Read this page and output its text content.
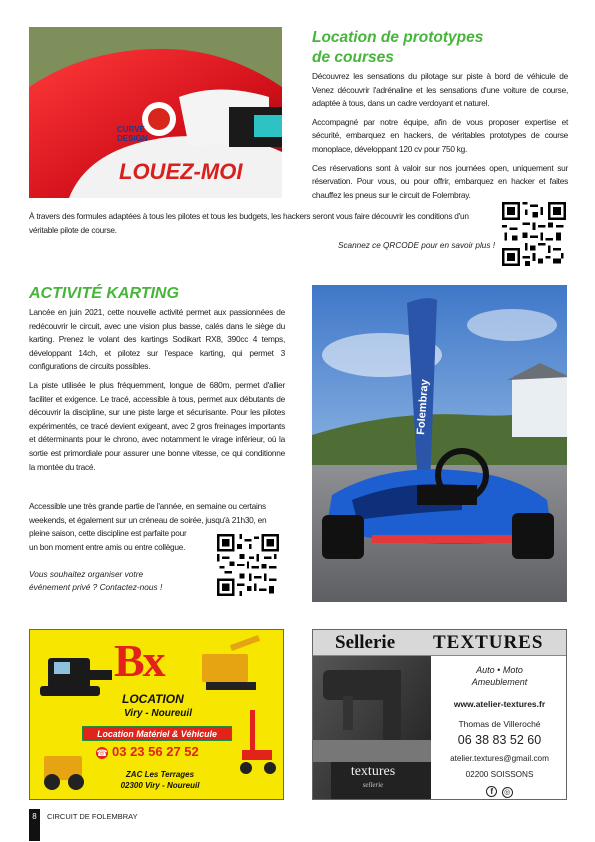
CURVE
DESIGN
LOUEZ-MOI
Location de prototypes
de courses

Découvrez les sensations du pilotage sur piste à bord de véhicule de Venez découvrir l'adrénaline et les sensations d'une voiture de course, adaptée à tous, dans un cadre verdoyant et naturel.

Accompagné par notre équipe, afin de vous proposer expertise et sécurité, embarquez en hackers, de véritables prototypes de course monoplace, développant 120 cv pour 750 kg.

Ces réservations sont à valoir sur nos journées open, uniquement sur réservation. Pour vous, ou pour offrir, embarquez en hacker et faites chauffez les pneus sur le circuit de Folembray.

À travers des formules adaptées à tous les pilotes et tous les budgets, les hackers seront vous faire découvrir les conditions d'un véritable pilote de course.
Scannez ce QRCODE pour en savoir plus !
ACTIVITÉ KARTING

Lancée en juin 2021, cette nouvelle activité permet aux passionnées de redécouvrir le circuit, avec une vision plus basse, calés dans le siège du karting. Prenez le volant des kartings Sodikart RX8, 390cc 4 temps, développant 14ch, et pilotez sur l'espace karting, qui permet 3 configurations de circuits possibles.

La piste utilisée le plus fréquemment, longue de 680m, permet d'allier faciliter et exigence. Le tracé, accessible à tous, permet aux débutants de découvrir la discipline, sur une piste large et sécurisante. Pour les pilotes expérimentés, ce tracé devient exigeant, avec 2 gros freinages importants et déterminants pour le chrono, avec notamment le virage inférieur, où la sortie est primordiale pour assurer une bonne vitesse, ce qui conditionne la montée du tracé.

Accessible une très grande partie de l'année, en semaine ou certains
weekends, et également sur un créneau de soirée, jusqu'à 21h30, en
pleine saison, cette discipline est parfaite pour
un bon moment entre amis ou entre collègue.
Vous souhaitez organiser votre
événement privé ? Contactez-nous !
Folembray
Bx
LOCATION
Viry - Noureuil
Location Matériel & Véhicule
☎ 03 23 56 27 52
ZAC Les Terrages
02300 Viry - Noureuil
Sellerie TEXTURES
textures
sellerie
Auto • Moto
Ameublement
www.atelier-textures.fr
Thomas de Villeroché
06 38 83 52 60
atelier.textures@gmail.com
02200 SOISSONS
f ◎
8	CIRCUIT DE FOLEMBRAY
